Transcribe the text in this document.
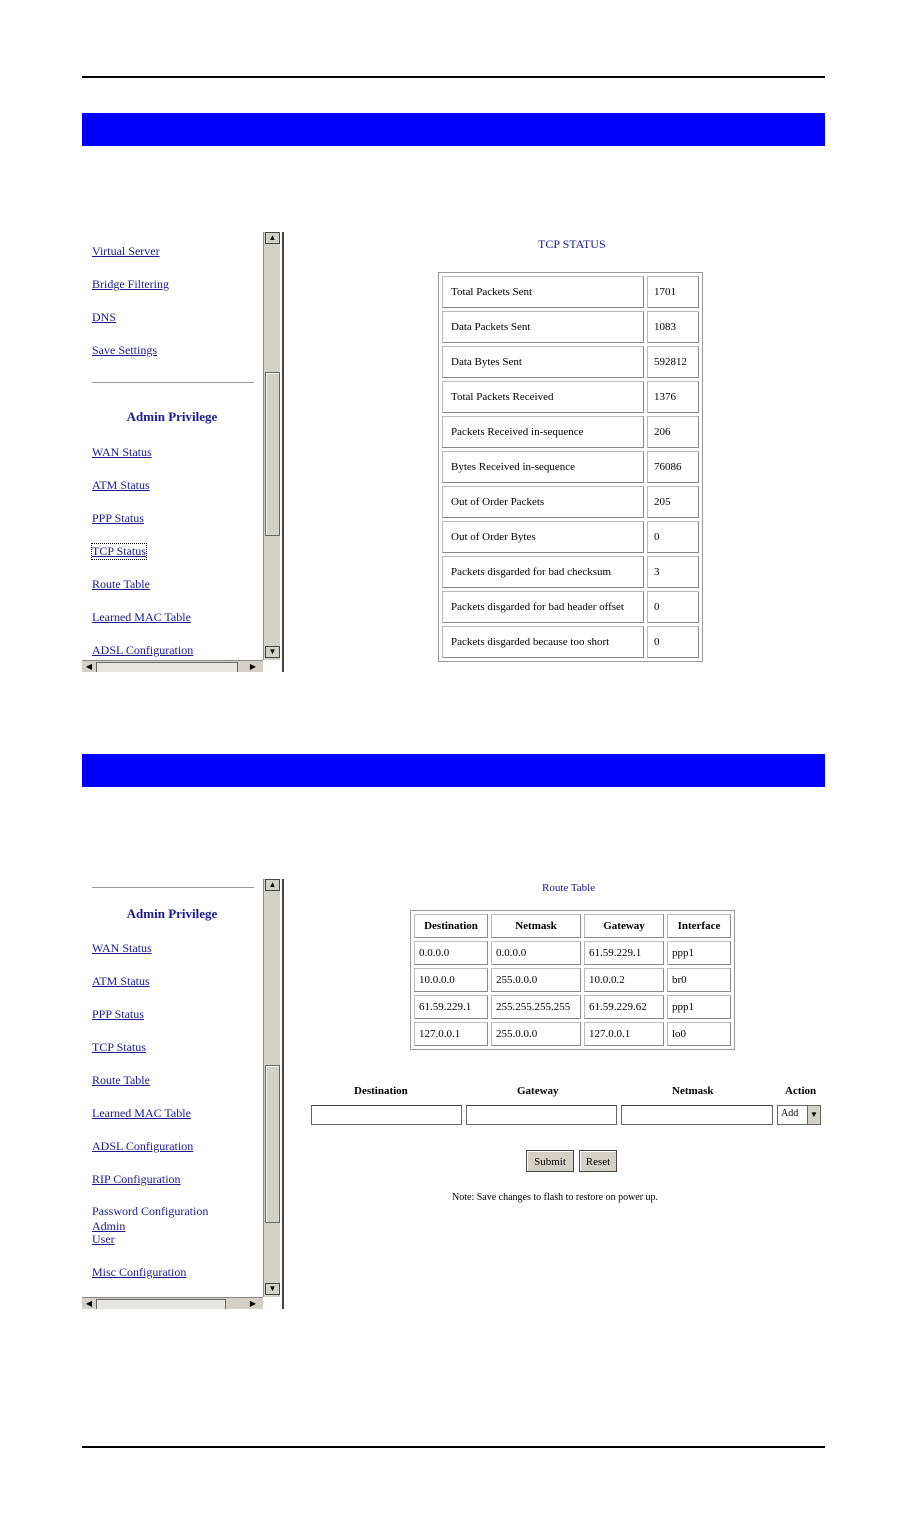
Virtual Server
Bridge Filtering
DNS
Save Settings
Admin Privilege
WAN Status
ATM Status
PPP Status
TCP Status
Route Table
Learned MAC Table
ADSL Configuration
▲
▼
◀	▶
TCP STATUS
Total Packets Sent	1701
Data Packets Sent	1083
Data Bytes Sent	592812
Total Packets Received	1376
Packets Received in-sequence	206
Bytes Received in-sequence	76086
Out of Order Packets	205
Out of Order Bytes	0
Packets disgarded for bad checksum	3
Packets disgarded for bad header offset	0
Packets disgarded because too short	0
Admin Privilege
WAN Status
ATM Status
PPP Status
TCP Status
Route Table
Learned MAC Table
ADSL Configuration
RIP Configuration
Password Configuration
Admin
User
Misc Configuration
▲
▼
◀	▶
Route Table
Destination	Netmask	Gateway	Interface
0.0.0.0	0.0.0.0	61.59.229.1	ppp1
10.0.0.0	255.0.0.0	10.0.0.2	br0
61.59.229.1	255.255.255.255	61.59.229.62	ppp1
127.0.0.1	255.0.0.0	127.0.0.1	lo0
Destination	Gateway	Netmask	Action
Add	▼
Submit	Reset
Note: Save changes to flash to restore on power up.
